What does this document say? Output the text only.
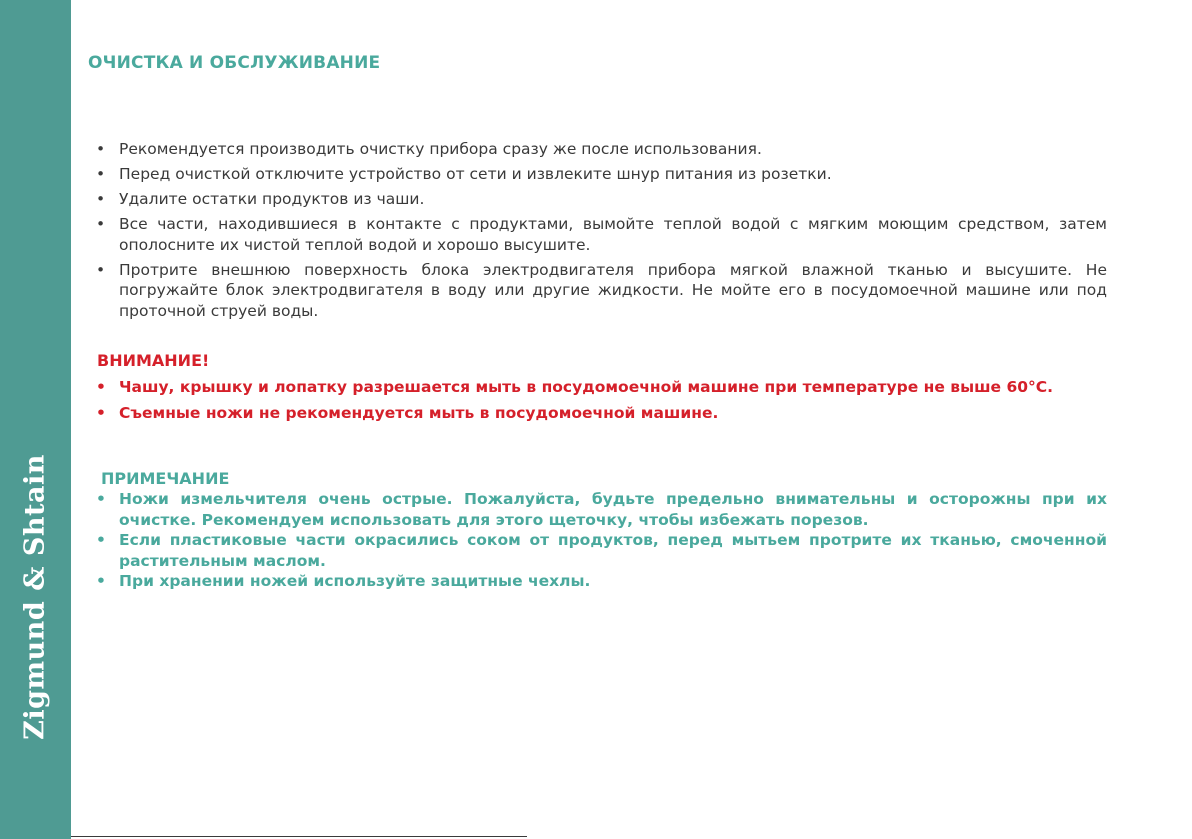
Zigmund & Shtain
ОЧИСТКА И ОБСЛУЖИВАНИЕ
• Рекомендуется производить очистку прибора сразу же после использования.
• Перед очисткой отключите устройство от сети и извлеките шнур питания из розетки.
• Удалите остатки продуктов из чаши.
• Все части, находившиеся в контакте с продуктами, вымойте теплой водой с мягким моющим средством, затем ополосните их чистой теплой водой и хорошо высушите.
• Протрите внешнюю поверхность блока электродвигателя прибора мягкой влажной тканью и высушите. Не погружайте блок электродвигателя в воду или другие жидкости. Не мойте его в посудомоечной машине или под проточной струей воды.
ВНИМАНИЕ!
• Чашу, крышку и лопатку разрешается мыть в посудомоечной машине при температуре не выше 60°С.
• Съемные ножи не рекомендуется мыть в посудомоечной машине.
ПРИМЕЧАНИЕ
• Ножи измельчителя очень острые. Пожалуйста, будьте предельно внимательны и осторожны при их очистке. Рекомендуем использовать для этого щеточку, чтобы избежать порезов.
• Если пластиковые части окрасились соком от продуктов, перед мытьем протрите их тканью, смоченной растительным маслом.
• При хранении ножей используйте защитные чехлы.
